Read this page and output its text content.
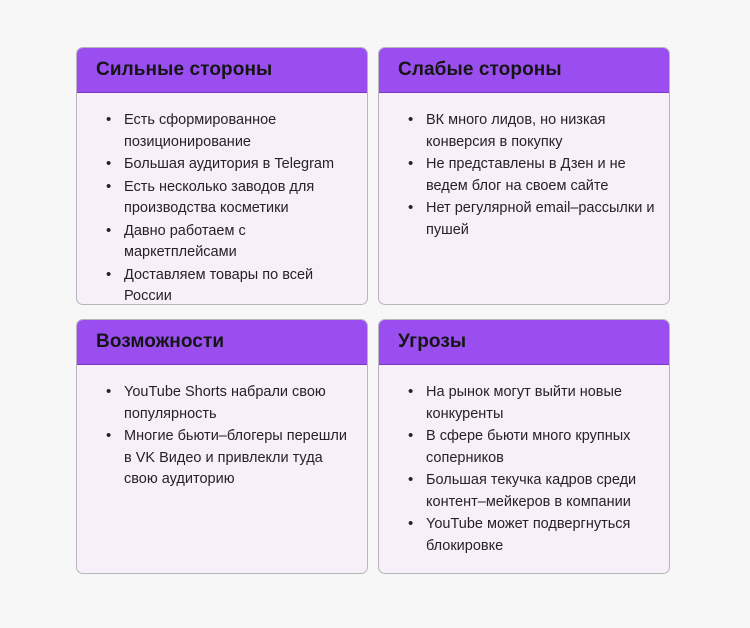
Сильные стороны
• Есть сформированное позиционирование
• Большая аудитория в Telegram
• Есть несколько заводов для производства косметики
• Давно работаем с маркетплейсами
• Доставляем товары по всей России
Слабые стороны
• ВК много лидов, но низкая конверсия в покупку
• Не представлены в Дзен и не ведем блог на своем сайте
• Нет регулярной email–рассылки и пушей
Возможности
• YouTube Shorts набрали свою популярность
• Многие бьюти–блогеры перешли в VK Видео и привлекли туда свою аудиторию
Угрозы
• На рынок могут выйти новые конкуренты
• В сфере бьюти много крупных соперников
• Большая текучка кадров среди контент–мейкеров в компании
• YouTube может подвергнуться блокировке
